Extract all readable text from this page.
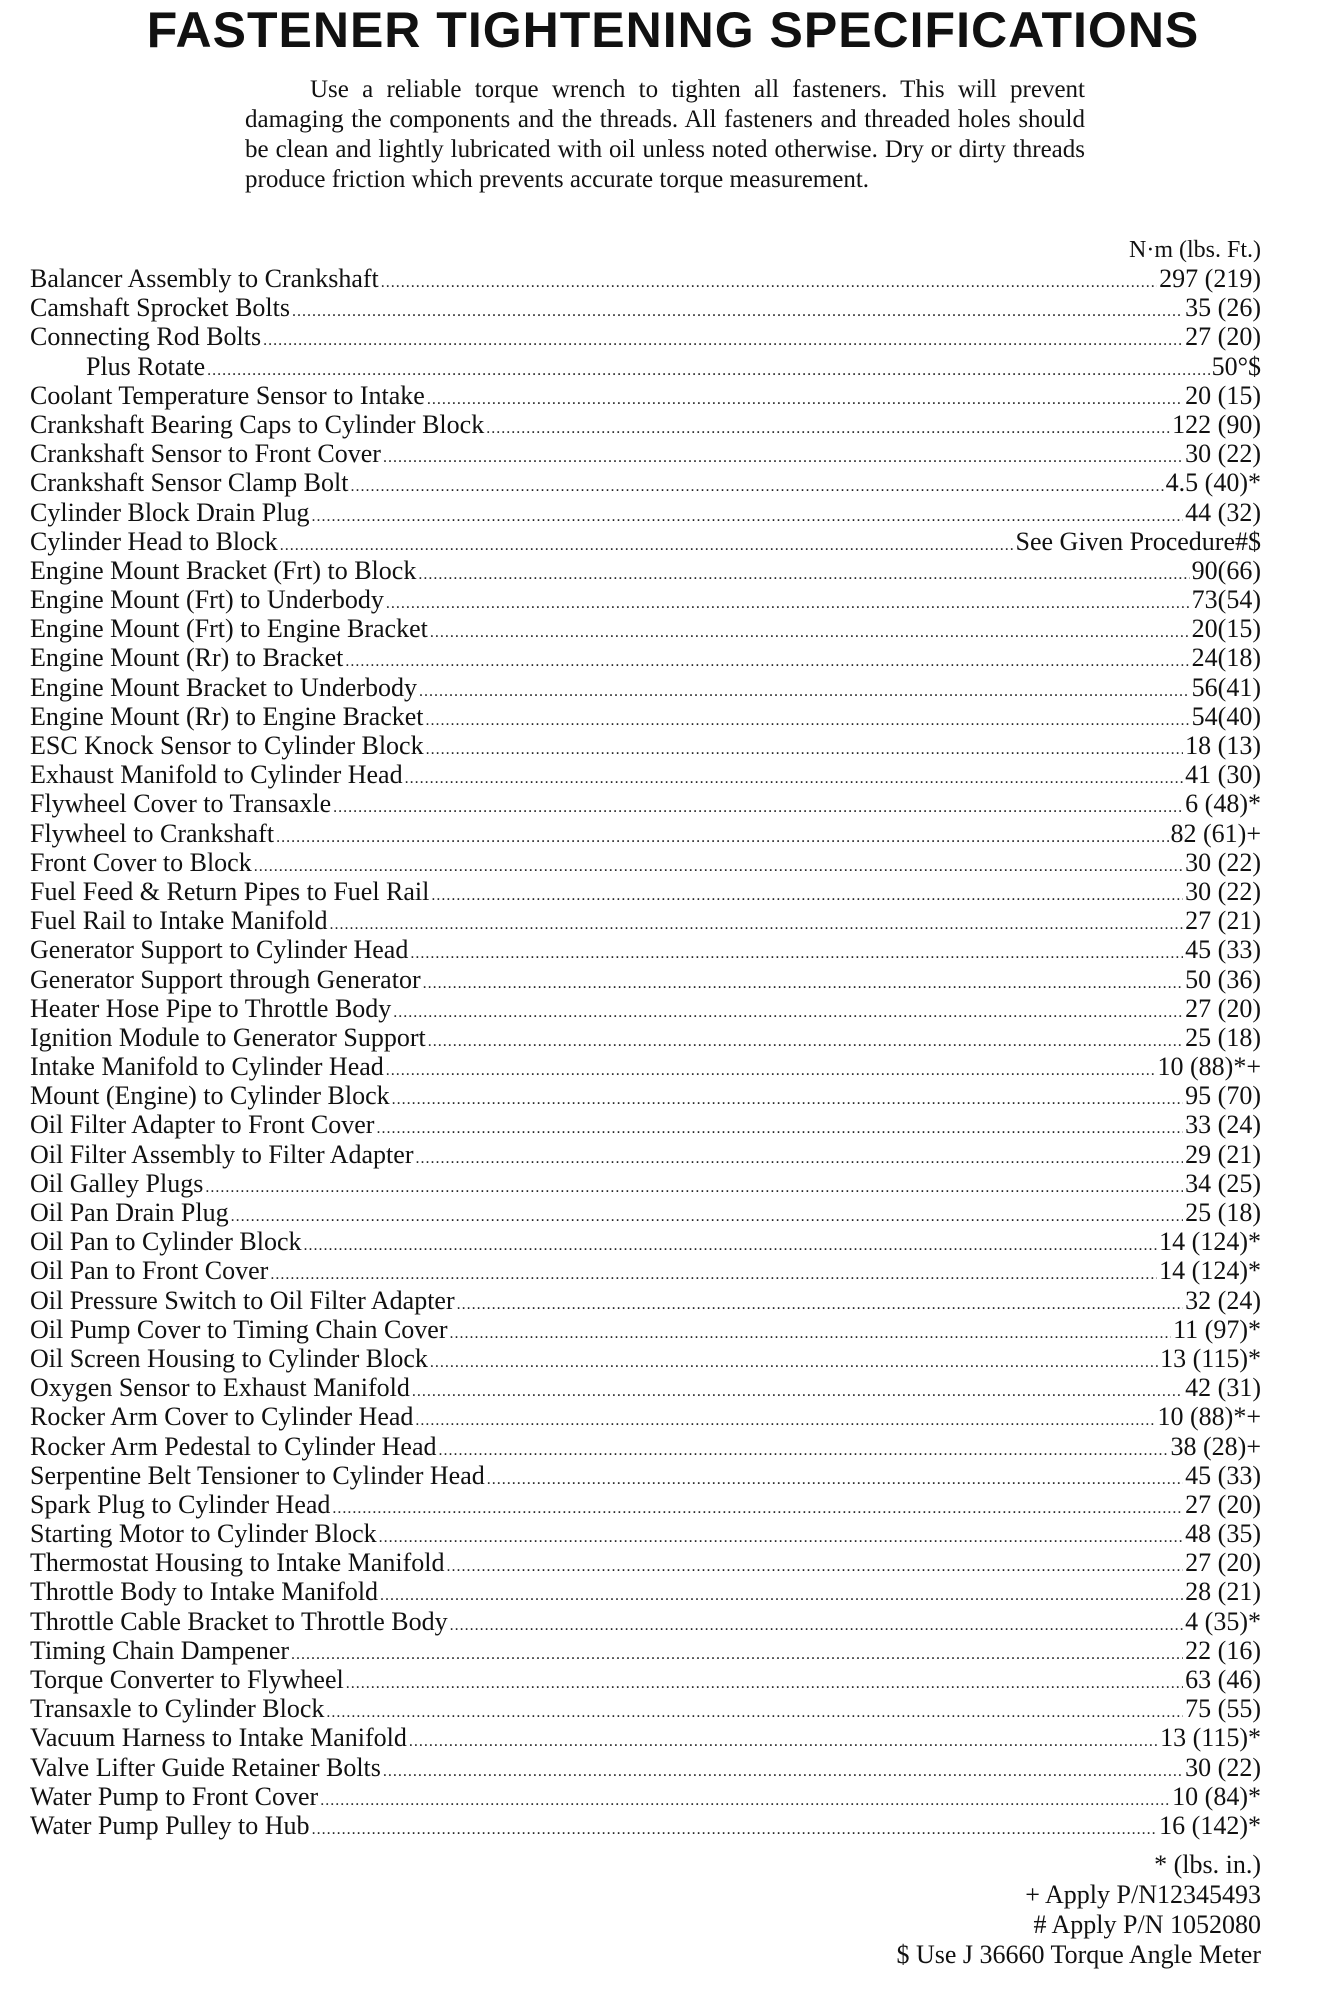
FASTENER TIGHTENING SPECIFICATIONS

Use a reliable torque wrench to tighten all fasteners. This will prevent damaging the components and the threads. All fasteners and threaded holes should be clean and lightly lubricated with oil unless noted otherwise. Dry or dirty threads produce friction which prevents accurate torque measurement.

N·m (lbs. Ft.)
Balancer Assembly to Crankshaft .....	297 (219)
Camshaft Sprocket Bolts .....	35 (26)
Connecting Rod Bolts .....	27 (20)
Plus Rotate .....	50°$
Coolant Temperature Sensor to Intake .....	20 (15)
Crankshaft Bearing Caps to Cylinder Block .....	122 (90)
Crankshaft Sensor to Front Cover .....	30 (22)
Crankshaft Sensor Clamp Bolt .....	4.5 (40)*
Cylinder Block Drain Plug .....	44 (32)
Cylinder Head to Block .....	See Given Procedure#$
Engine Mount Bracket (Frt) to Block .....	90(66)
Engine Mount (Frt) to Underbody .....	73(54)
Engine Mount (Frt) to Engine Bracket .....	20(15)
Engine Mount (Rr) to Bracket .....	24(18)
Engine Mount Bracket to Underbody .....	56(41)
Engine Mount (Rr) to Engine Bracket .....	54(40)
ESC Knock Sensor to Cylinder Block .....	18 (13)
Exhaust Manifold to Cylinder Head .....	41 (30)
Flywheel Cover to Transaxle .....	6 (48)*
Flywheel to Crankshaft .....	82 (61)+
Front Cover to Block .....	30 (22)
Fuel Feed & Return Pipes to Fuel Rail .....	30 (22)
Fuel Rail to Intake Manifold .....	27 (21)
Generator Support to Cylinder Head .....	45 (33)
Generator Support through Generator .....	50 (36)
Heater Hose Pipe to Throttle Body .....	27 (20)
Ignition Module to Generator Support .....	25 (18)
Intake Manifold to Cylinder Head .....	10 (88)*+
Mount (Engine) to Cylinder Block .....	95 (70)
Oil Filter Adapter to Front Cover .....	33 (24)
Oil Filter Assembly to Filter Adapter .....	29 (21)
Oil Galley Plugs .....	34 (25)
Oil Pan Drain Plug .....	25 (18)
Oil Pan to Cylinder Block .....	14 (124)*
Oil Pan to Front Cover .....	14 (124)*
Oil Pressure Switch to Oil Filter Adapter .....	32 (24)
Oil Pump Cover to Timing Chain Cover .....	11 (97)*
Oil Screen Housing to Cylinder Block .....	13 (115)*
Oxygen Sensor to Exhaust Manifold .....	42 (31)
Rocker Arm Cover to Cylinder Head .....	10 (88)*+
Rocker Arm Pedestal to Cylinder Head .....	38 (28)+
Serpentine Belt Tensioner to Cylinder Head .....	45 (33)
Spark Plug to Cylinder Head .....	27 (20)
Starting Motor to Cylinder Block .....	48 (35)
Thermostat Housing to Intake Manifold .....	27 (20)
Throttle Body to Intake Manifold .....	28 (21)
Throttle Cable Bracket to Throttle Body .....	4 (35)*
Timing Chain Dampener .....	22 (16)
Torque Converter to Flywheel .....	63 (46)
Transaxle to Cylinder Block .....	75 (55)
Vacuum Harness to Intake Manifold .....	13 (115)*
Valve Lifter Guide Retainer Bolts .....	30 (22)
Water Pump to Front Cover .....	10 (84)*
Water Pump Pulley to Hub .....	16 (142)*
* (lbs. in.)
+ Apply P/N12345493
# Apply P/N 1052080
$ Use J 36660 Torque Angle Meter
